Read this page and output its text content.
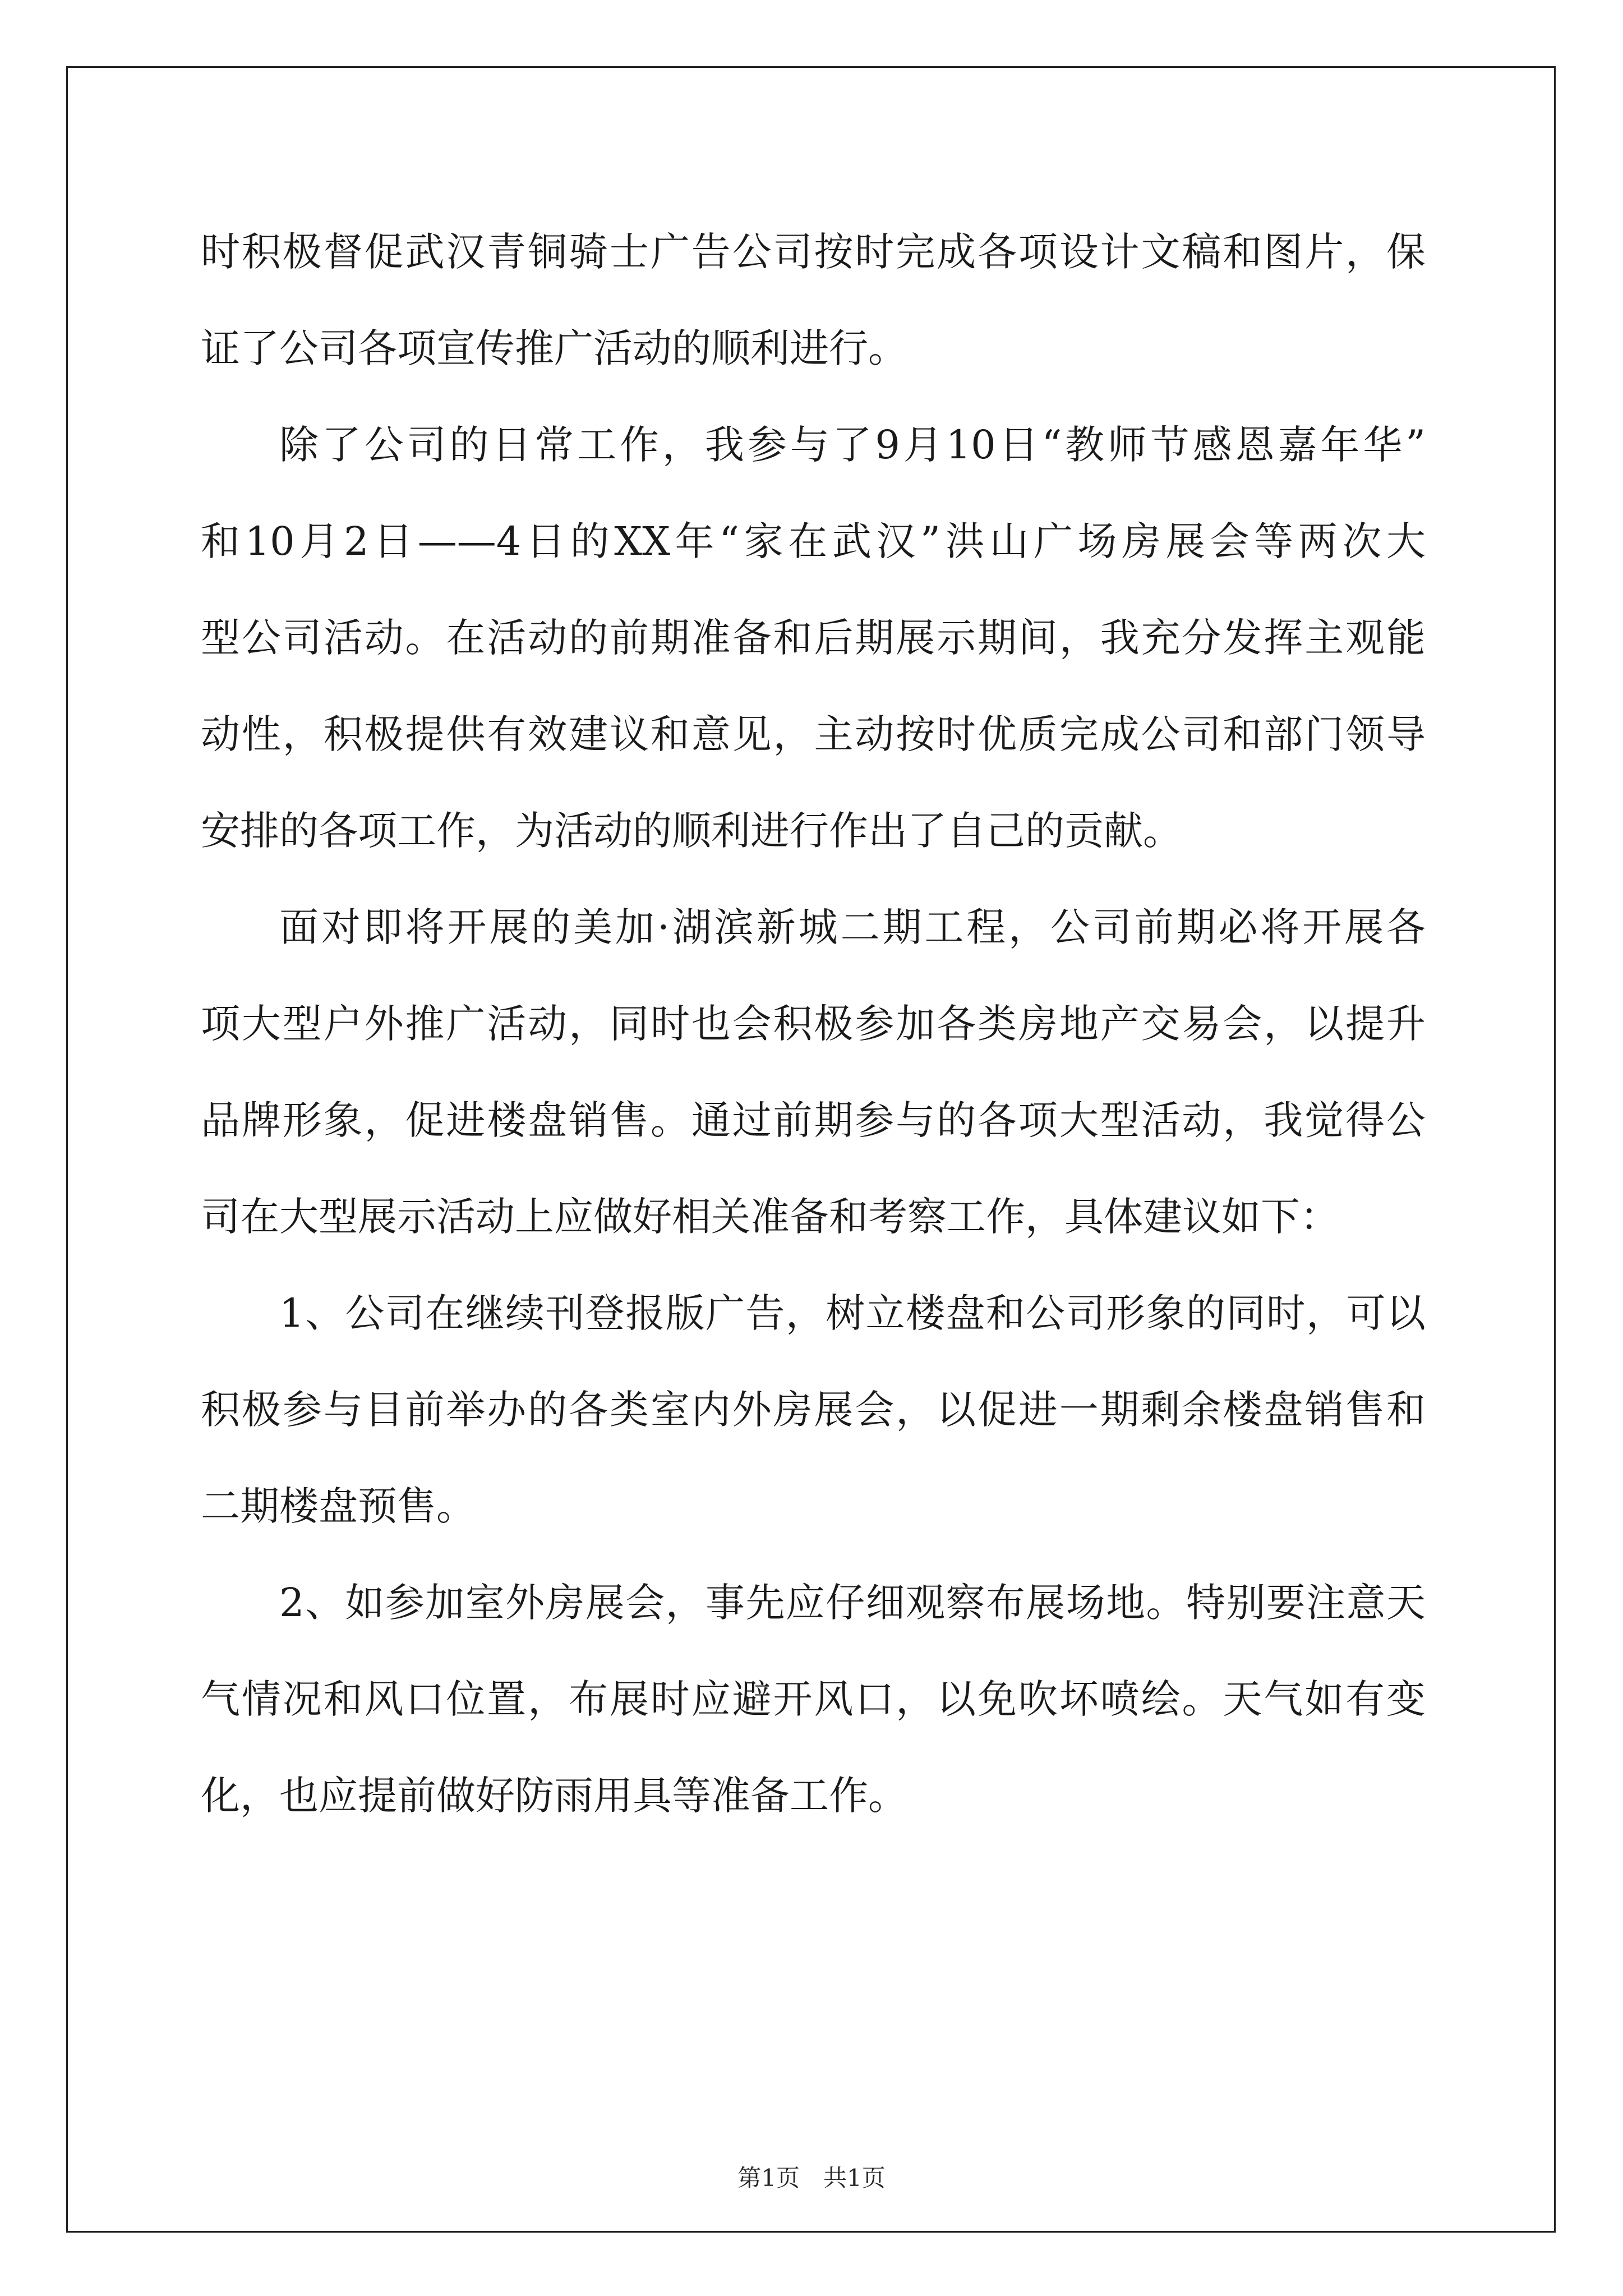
时积极督促武汉青铜骑士广告公司按时完成各项设计文稿和图片，保
证了公司各项宣传推广活动的顺利进行。
除了公司的日常工作，我参与了9月10日“教师节感恩嘉年华”
和10月2日——4日的XX年“家在武汉”洪山广场房展会等两次大
型公司活动。在活动的前期准备和后期展示期间，我充分发挥主观能
动性，积极提供有效建议和意见，主动按时优质完成公司和部门领导
安排的各项工作，为活动的顺利进行作出了自己的贡献。
面对即将开展的美加·湖滨新城二期工程，公司前期必将开展各
项大型户外推广活动，同时也会积极参加各类房地产交易会，以提升
品牌形象，促进楼盘销售。通过前期参与的各项大型活动，我觉得公
司在大型展示活动上应做好相关准备和考察工作，具体建议如下：
1、公司在继续刊登报版广告，树立楼盘和公司形象的同时，可以
积极参与目前举办的各类室内外房展会，以促进一期剩余楼盘销售和
二期楼盘预售。
2、如参加室外房展会，事先应仔细观察布展场地。特别要注意天
气情况和风口位置，布展时应避开风口，以免吹坏喷绘。天气如有变
化，也应提前做好防雨用具等准备工作。
第1页　共1页
